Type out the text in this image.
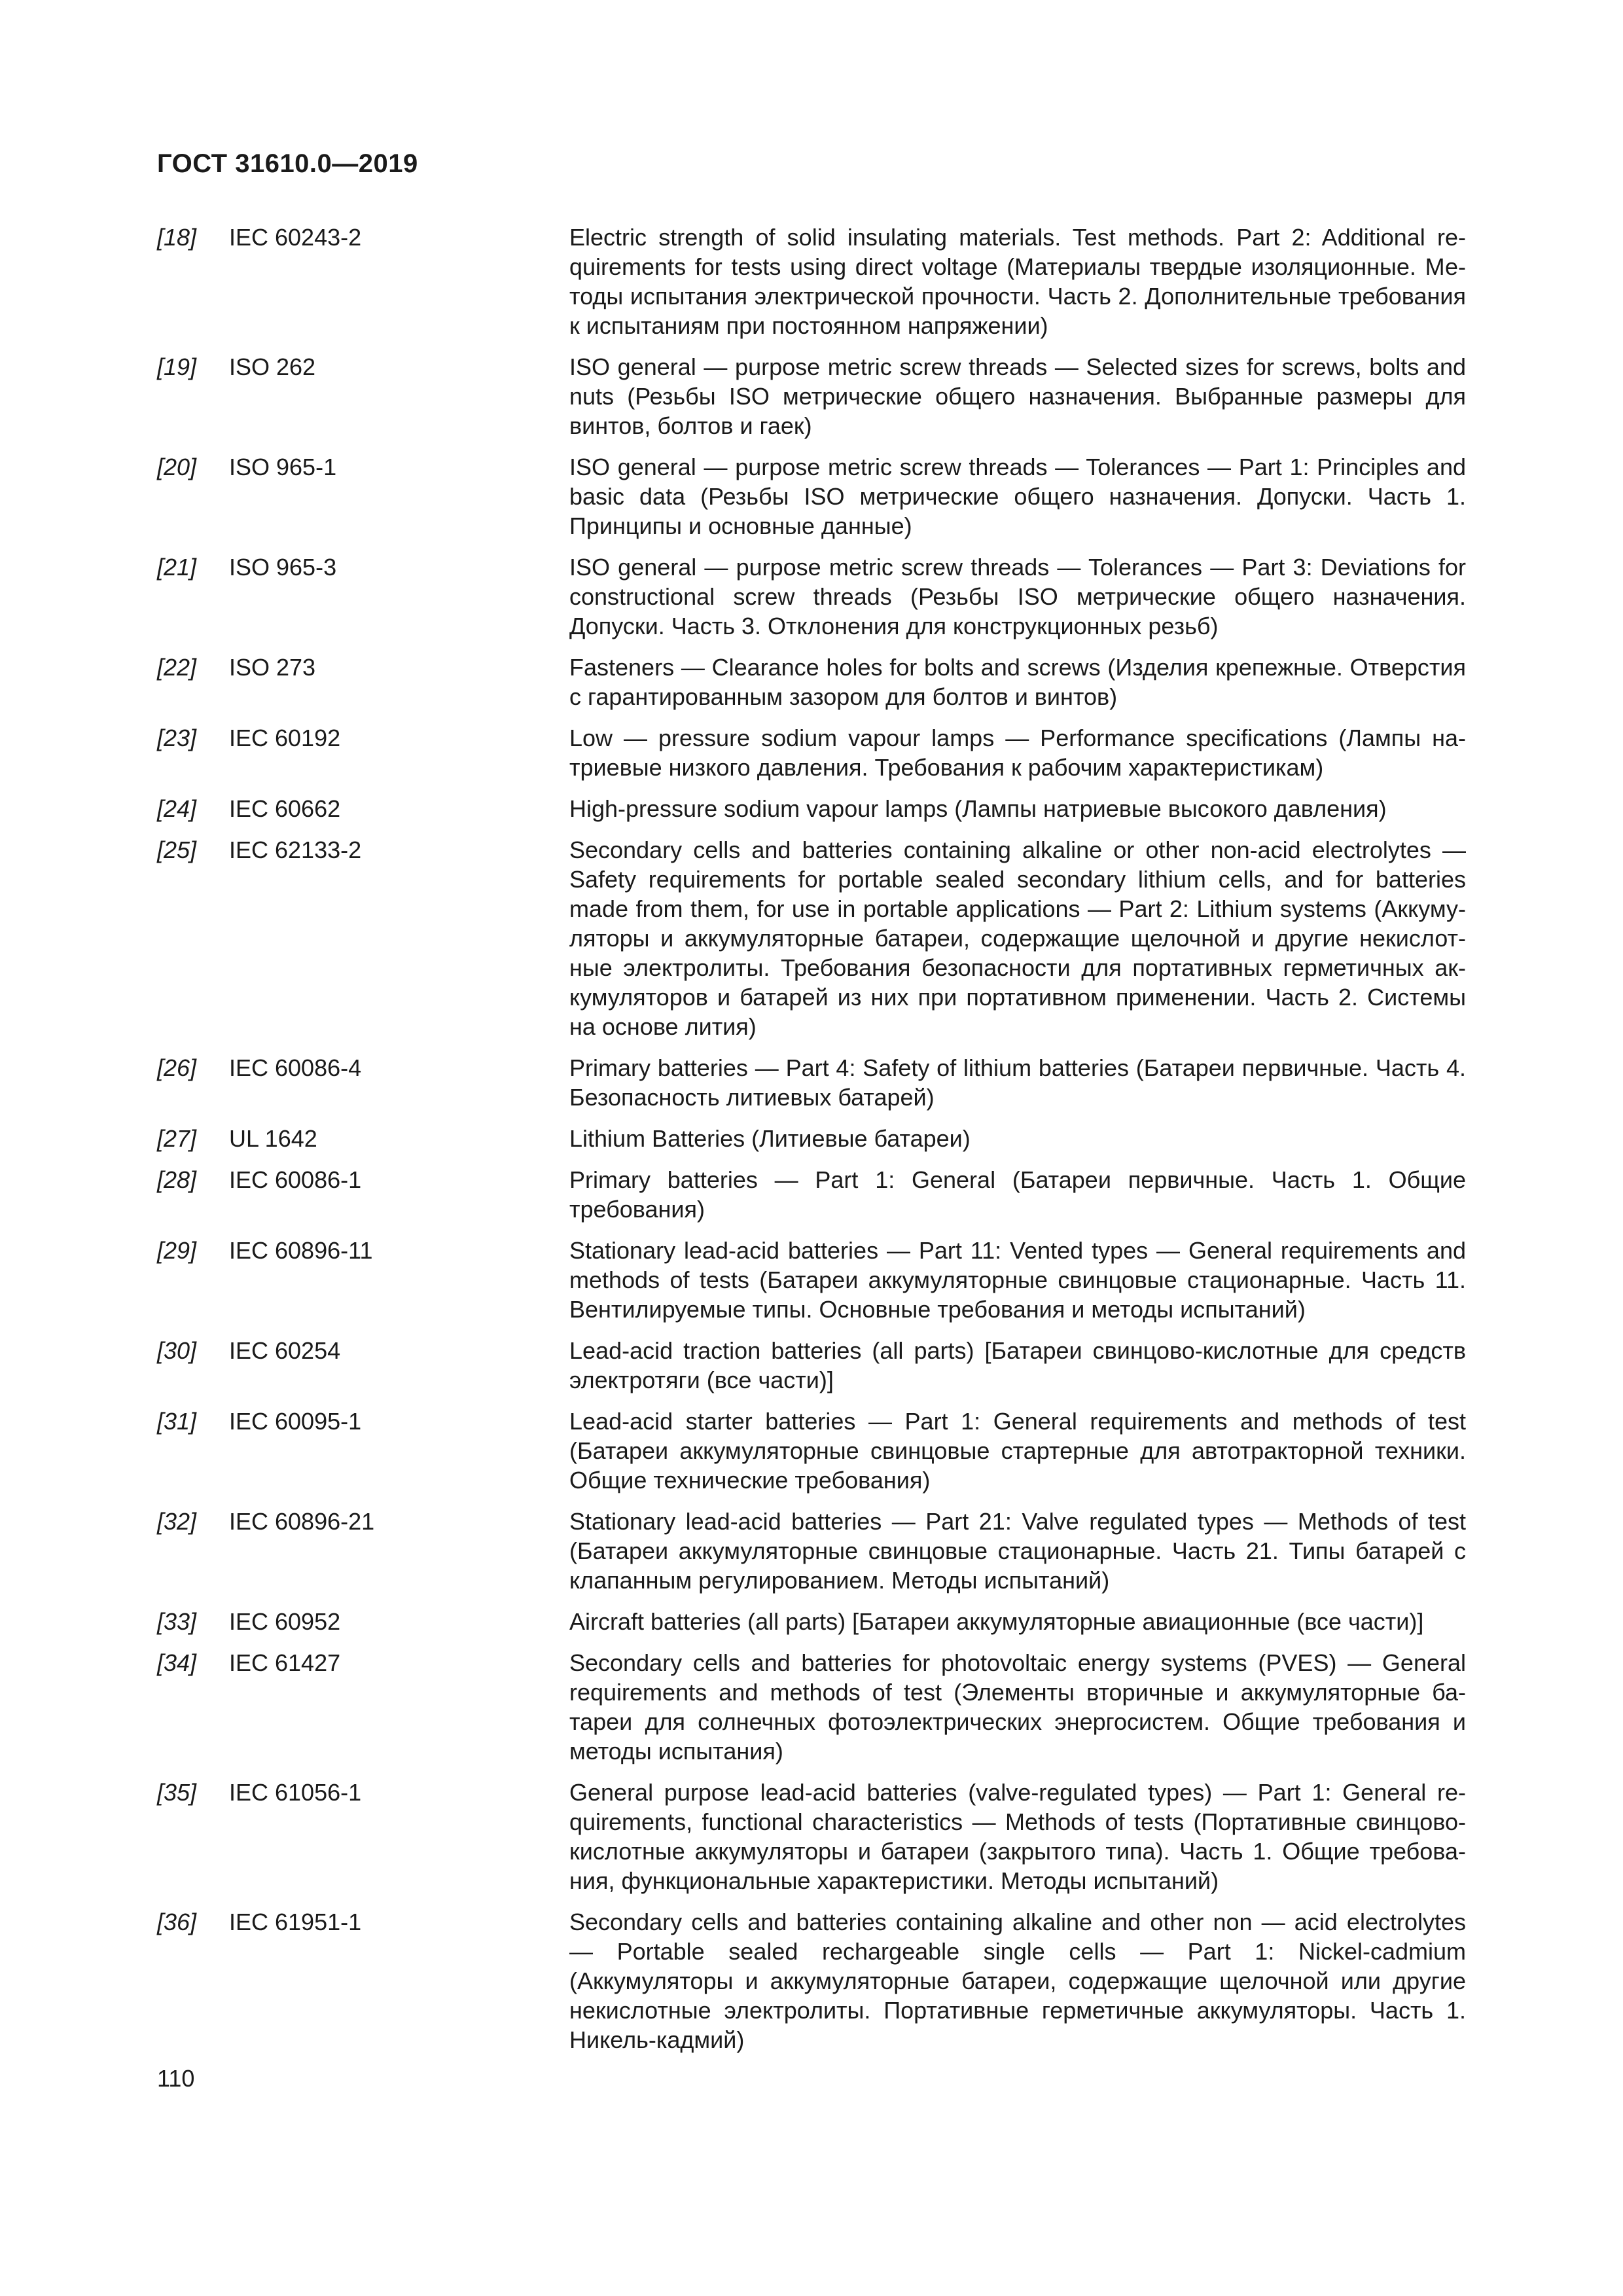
ГОСТ 31610.0—2019
[18]	IEC 60243-2	Electric strength of solid insulating materials. Test methods. Part 2: Additional requirements for tests using direct voltage (Материалы твердые изоляционные. Методы испытания электрической прочности. Часть 2. Дополнительные требования к испытаниям при постоянном напряжении)
[19]	ISO 262	ISO general — purpose metric screw threads — Selected sizes for screws, bolts and nuts (Резьбы ISO метрические общего назначения. Выбранные размеры для винтов, болтов и гаек)
[20]	ISO 965-1	ISO general — purpose metric screw threads — Tolerances — Part 1: Principles and basic data (Резьбы ISO метрические общего назначения. Допуски. Часть 1. Принципы и основные данные)
[21]	ISO 965-3	ISO general — purpose metric screw threads — Tolerances — Part 3: Deviations for constructional screw threads (Резьбы ISO метрические общего назначения. Допуски. Часть 3. Отклонения для конструкционных резьб)
[22]	ISO 273	Fasteners — Clearance holes for bolts and screws (Изделия крепежные. Отверстия с гарантированным зазором для болтов и винтов)
[23]	IEC 60192	Low — pressure sodium vapour lamps — Performance specifications (Лампы натриевые низкого давления. Требования к рабочим характеристикам)
[24]	IEC 60662	High-pressure sodium vapour lamps (Лампы натриевые высокого давления)
[25]	IEC 62133-2	Secondary cells and batteries containing alkaline or other non-acid electrolytes — Safety requirements for portable sealed secondary lithium cells, and for batteries made from them, for use in portable applications — Part 2: Lithium systems (Аккумуляторы и аккумуляторные батареи, содержащие щелочной и другие некислотные электролиты. Требования безопасности для портативных герметичных аккумуляторов и батарей из них при портативном применении. Часть 2. Системы на основе лития)
[26]	IEC 60086-4	Primary batteries — Part 4: Safety of lithium batteries (Батареи первичные. Часть 4. Безопасность литиевых батарей)
[27]	UL 1642	Lithium Batteries (Литиевые батареи)
[28]	IEC 60086-1	Primary batteries — Part 1: General (Батареи первичные. Часть 1. Общие требования)
[29]	IEC 60896-11	Stationary lead-acid batteries — Part 11: Vented types — General requirements and methods of tests (Батареи аккумуляторные свинцовые стационарные. Часть 11. Вентилируемые типы. Основные требования и методы испытаний)
[30]	IEC 60254	Lead-acid traction batteries (all parts) [Батареи свинцово-кислотные для средств электротяги (все части)]
[31]	IEC 60095-1	Lead-acid starter batteries — Part 1: General requirements and methods of test (Батареи аккумуляторные свинцовые стартерные для автотракторной техники. Общие технические требования)
[32]	IEC 60896-21	Stationary lead-acid batteries — Part 21: Valve regulated types — Methods of test (Батареи аккумуляторные свинцовые стационарные. Часть 21. Типы батарей с клапанным регулированием. Методы испытаний)
[33]	IEC 60952	Aircraft batteries (all parts) [Батареи аккумуляторные авиационные (все части)]
[34]	IEC 61427	Secondary cells and batteries for photovoltaic energy systems (PVES) — General requirements and methods of test (Элементы вторичные и аккумуляторные батареи для солнечных фотоэлектрических энергосистем. Общие требования и методы испытания)
[35]	IEC 61056-1	General purpose lead-acid batteries (valve-regulated types) — Part 1: General requirements, functional characteristics — Methods of tests (Портативные свинцово-кислотные аккумуляторы и батареи (закрытого типа). Часть 1. Общие требования, функциональные характеристики. Методы испытаний)
[36]	IEC 61951-1	Secondary cells and batteries containing alkaline and other non — acid electrolytes — Portable sealed rechargeable single cells — Part 1: Nickel-cadmium (Аккумуляторы и аккумуляторные батареи, содержащие щелочной или другие некислотные электролиты. Портативные герметичные аккумуляторы. Часть 1. Никель-кадмий)
110
